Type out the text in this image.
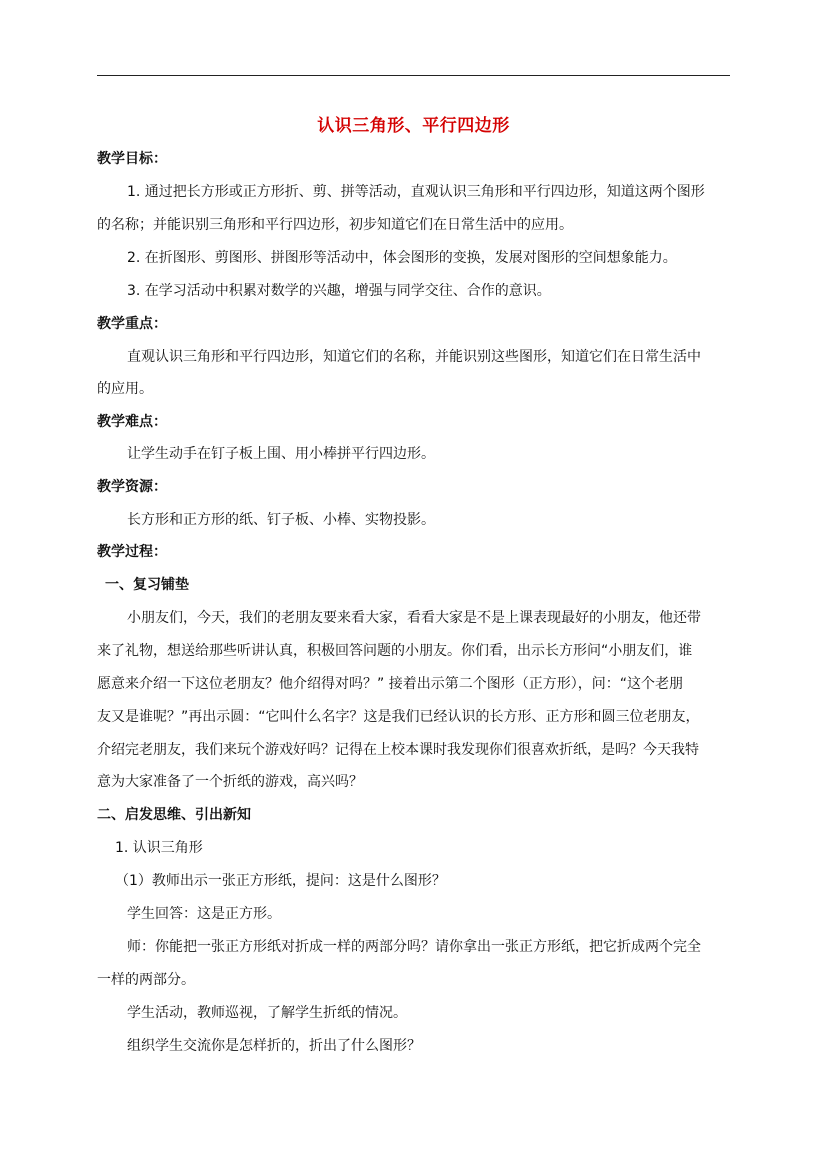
认识三角形、平行四边形
教学目标：
1. 通过把长方形或正方形折、剪、拼等活动，直观认识三角形和平行四边形，知道这两个图形
的名称；并能识别三角形和平行四边形，初步知道它们在日常生活中的应用。
2. 在折图形、剪图形、拼图形等活动中，体会图形的变换，发展对图形的空间想象能力。
3. 在学习活动中积累对数学的兴趣，增强与同学交往、合作的意识。
教学重点：
直观认识三角形和平行四边形，知道它们的名称，并能识别这些图形，知道它们在日常生活中
的应用。
教学难点：
让学生动手在钉子板上围、用小棒拼平行四边形。
教学资源：
长方形和正方形的纸、钉子板、小棒、实物投影。
教学过程：
一、复习铺垫
小朋友们，今天，我们的老朋友要来看大家，看看大家是不是上课表现最好的小朋友，他还带
来了礼物，想送给那些听讲认真，积极回答问题的小朋友。你们看，出示长方形问“小朋友们，谁
愿意来介绍一下这位老朋友？他介绍得对吗？” 接着出示第二个图形（正方形），问：“这个老朋
友又是谁呢？”再出示圆：“它叫什么名字？这是我们已经认识的长方形、正方形和圆三位老朋友，
介绍完老朋友，我们来玩个游戏好吗？记得在上校本课时我发现你们很喜欢折纸，是吗？今天我特
意为大家准备了一个折纸的游戏，高兴吗？
二、启发思维、引出新知
1. 认识三角形
（1）教师出示一张正方形纸，提问：这是什么图形？
学生回答：这是正方形。
师：你能把一张正方形纸对折成一样的两部分吗？请你拿出一张正方形纸，把它折成两个完全
一样的两部分。
学生活动，教师巡视，了解学生折纸的情况。
组织学生交流你是怎样折的，折出了什么图形？
